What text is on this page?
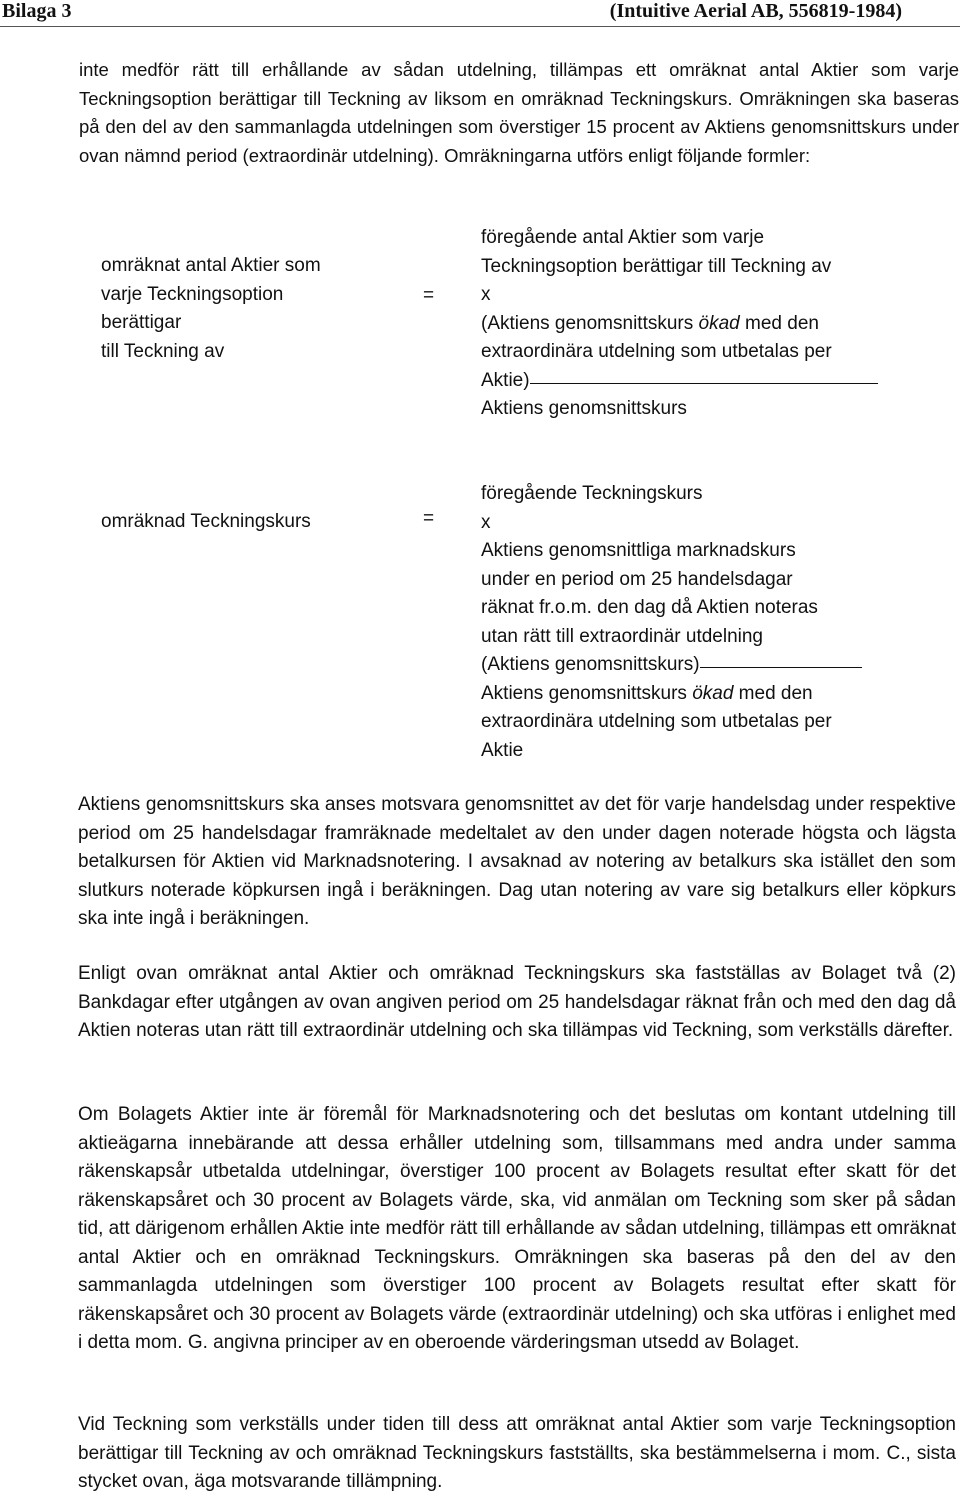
Bilaga 3	(Intuitive Aerial AB, 556819-1984)

inte medför rätt till erhållande av sådan utdelning, tillämpas ett omräknat antal Aktier som varje Teckningsoption berättigar till Teckning av liksom en omräknad Teckningskurs. Omräkningen ska baseras på den del av den sammanlagda utdelningen som överstiger 15 procent av Aktiens genomsnittskurs under ovan nämnd period (extraordinär utdelning). Omräkningarna utförs enligt följande formler:

omräknat antal Aktier som
varje Teckningsoption
berättigar
till Teckning av
=
föregående antal Aktier som varje
Teckningsoption berättigar till Teckning av
x
(Aktiens genomsnittskurs ökad med den
extraordinära utdelning som utbetalas per
Aktie)
Aktiens genomsnittskurs
omräknad Teckningskurs	=
föregående Teckningskurs
x
Aktiens genomsnittliga marknadskurs
under en period om 25 handelsdagar
räknat fr.o.m. den dag då Aktien noteras
utan rätt till extraordinär utdelning
(Aktiens genomsnittskurs)
Aktiens genomsnittskurs ökad med den
extraordinära utdelning som utbetalas per
Aktie

Aktiens genomsnittskurs ska anses motsvara genomsnittet av det för varje handelsdag under respektive period om 25 handelsdagar framräknade medeltalet av den under dagen noterade högsta och lägsta betalkursen för Aktien vid Marknadsnotering. I avsaknad av notering av betalkurs ska istället den som slutkurs noterade köpkursen ingå i beräkningen. Dag utan notering av vare sig betalkurs eller köpkurs ska inte ingå i beräkningen.

Enligt ovan omräknat antal Aktier och omräknad Teckningskurs ska fastställas av Bolaget två (2) Bankdagar efter utgången av ovan angiven period om 25 handelsdagar räknat från och med den dag då Aktien noteras utan rätt till extraordinär utdelning och ska tillämpas vid Teckning, som verkställs därefter.

Om Bolagets Aktier inte är föremål för Marknadsnotering och det beslutas om kontant utdelning till aktieägarna innebärande att dessa erhåller utdelning som, tillsammans med andra under samma räkenskapsår utbetalda utdelningar, överstiger 100 procent av Bolagets resultat efter skatt för det räkenskapsåret och 30 procent av Bolagets värde, ska, vid anmälan om Teckning som sker på sådan tid, att därigenom erhållen Aktie inte medför rätt till erhållande av sådan utdelning, tillämpas ett omräknat antal Aktier och en omräknad Teckningskurs. Omräkningen ska baseras på den del av den sammanlagda utdelningen som överstiger 100 procent av Bolagets resultat efter skatt för räkenskapsåret och 30 procent av Bolagets värde (extraordinär utdelning) och ska utföras i enlighet med i detta mom. G. angivna principer av en oberoende värderingsman utsedd av Bolaget.

Vid Teckning som verkställs under tiden till dess att omräknat antal Aktier som varje Teckningsoption berättigar till Teckning av och omräknad Teckningskurs fastställts, ska bestämmelserna i mom. C., sista stycket ovan, äga motsvarande tillämpning.
